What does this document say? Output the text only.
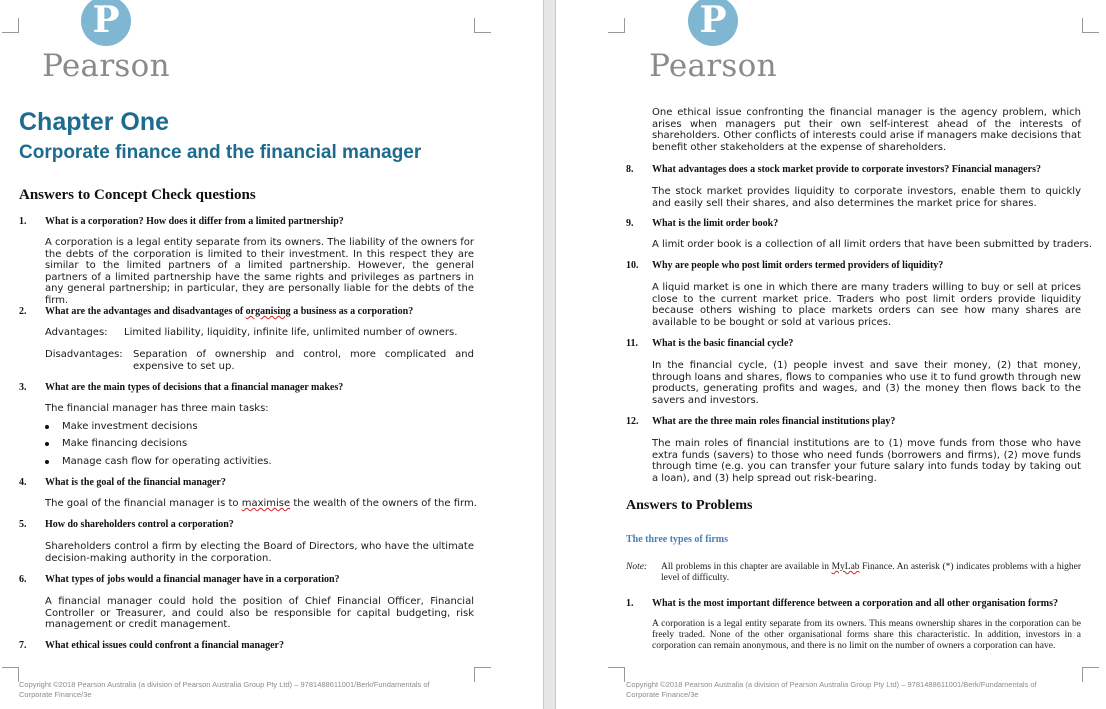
P
Pearson
Chapter One
Corporate finance and the financial manager
Answers to Concept Check questions
1. What is a corporation? How does it differ from a limited partnership?
A corporation is a legal entity separate from its owners. The liability of the owners for the debts of the corporation is limited to their investment. In this respect they are similar to the limited partners of a limited partnership. However, the general partners of a limited partnership have the same rights and privileges as partners in any general partnership; in particular, they are personally liable for the debts of the firm.
2. What are the advantages and disadvantages of organising a business as a corporation?
Advantages: Limited liability, liquidity, infinite life, unlimited number of owners.
Disadvantages: Separation of ownership and control, more complicated and expensive to set up.
3. What are the main types of decisions that a financial manager makes?
The financial manager has three main tasks:
Make investment decisions
Make financing decisions
Manage cash flow for operating activities.
4. What is the goal of the financial manager?
The goal of the financial manager is to maximise the wealth of the owners of the firm.
5. How do shareholders control a corporation?
Shareholders control a firm by electing the Board of Directors, who have the ultimate decision-making authority in the corporation.
6. What types of jobs would a financial manager have in a corporation?
A financial manager could hold the position of Chief Financial Officer, Financial Controller or Treasurer, and could also be responsible for capital budgeting, risk management or credit management.
7. What ethical issues could confront a financial manager?
Copyright ©2018 Pearson Australia (a division of Pearson Australia Group Pty Ltd) – 9781488611001/Berk/Fundamentals of Corporate Finance/3e
P
Pearson
One ethical issue confronting the financial manager is the agency problem, which arises when managers put their own self-interest ahead of the interests of shareholders. Other conflicts of interests could arise if managers make decisions that benefit other stakeholders at the expense of shareholders.
8. What advantages does a stock market provide to corporate investors? Financial managers?
The stock market provides liquidity to corporate investors, enable them to quickly and easily sell their shares, and also determines the market price for shares.
9. What is the limit order book?
A limit order book is a collection of all limit orders that have been submitted by traders.
10. Why are people who post limit orders termed providers of liquidity?
A liquid market is one in which there are many traders willing to buy or sell at prices close to the current market price. Traders who post limit orders provide liquidity because others wishing to place markets orders can see how many shares are available to be bought or sold at various prices.
11. What is the basic financial cycle?
In the financial cycle, (1) people invest and save their money, (2) that money, through loans and shares, flows to companies who use it to fund growth through new products, generating profits and wages, and (3) the money then flows back to the savers and investors.
12. What are the three main roles financial institutions play?
The main roles of financial institutions are to (1) move funds from those who have extra funds (savers) to those who need funds (borrowers and firms), (2) move funds through time (e.g. you can transfer your future salary into funds today by taking out a loan), and (3) help spread out risk-bearing.
Answers to Problems
The three types of firms
Note: All problems in this chapter are available in MyLab Finance. An asterisk (*) indicates problems with a higher level of difficulty.
1. What is the most important difference between a corporation and all other organisation forms?
A corporation is a legal entity separate from its owners. This means ownership shares in the corporation can be freely traded. None of the other organisational forms share this characteristic. In addition, investors in a corporation can remain anonymous, and there is no limit on the number of owners a corporation can have.
Copyright ©2018 Pearson Australia (a division of Pearson Australia Group Pty Ltd) – 9781488611001/Berk/Fundamentals of Corporate Finance/3e
